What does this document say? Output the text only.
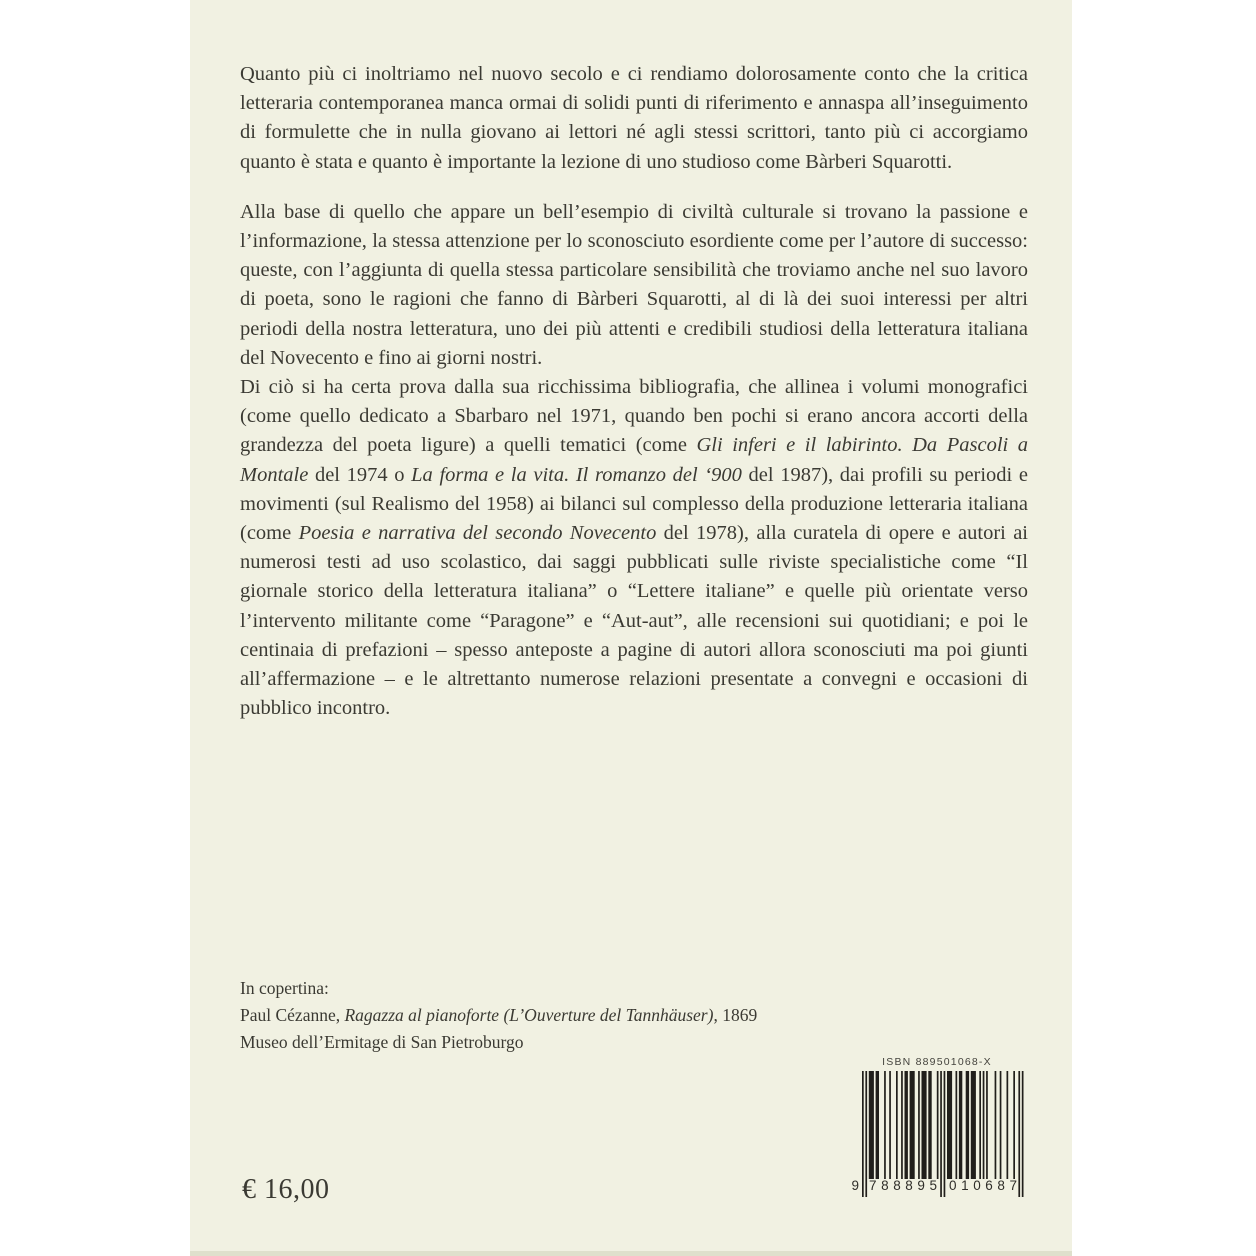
Quanto più ci inoltriamo nel nuovo secolo e ci rendiamo dolorosamente conto che la critica letteraria contemporanea manca ormai di solidi punti di riferimento e annaspa all’inseguimento di formulette che in nulla giovano ai lettori né agli stessi scrittori, tanto più ci accorgiamo quanto è stata e quanto è importante la lezione di uno studioso come Bàrberi Squarotti.

Alla base di quello che appare un bell’esempio di civiltà culturale si trovano la passione e l’informazione, la stessa attenzione per lo sconosciuto esordiente come per l’autore di successo: queste, con l’aggiunta di quella stessa particolare sensibilità che troviamo anche nel suo lavoro di poeta, sono le ragioni che fanno di Bàrberi Squarotti, al di là dei suoi interessi per altri periodi della nostra letteratura, uno dei più attenti e credibili studiosi della letteratura italiana del Novecento e fino ai giorni nostri.

Di ciò si ha certa prova dalla sua ricchissima bibliografia, che allinea i volumi monografici (come quello dedicato a Sbarbaro nel 1971, quando ben pochi si erano ancora accorti della grandezza del poeta ligure) a quelli tematici (come Gli inferi e il labirinto. Da Pascoli a Montale del 1974 o La forma e la vita. Il romanzo del ‘900 del 1987), dai profili su periodi e movimenti (sul Realismo del 1958) ai bilanci sul complesso della produzione letteraria italiana (come Poesia e narrativa del secondo Novecento del 1978), alla curatela di opere e autori ai numerosi testi ad uso scolastico, dai saggi pubblicati sulle riviste specialistiche come “Il giornale storico della letteratura italiana” o “Lettere italiane” e quelle più orientate verso l’intervento militante come “Paragone” e “Aut-aut”, alle recensioni sui quotidiani; e poi le centinaia di prefazioni – spesso anteposte a pagine di autori allora sconosciuti ma poi giunti all’affermazione – e le altrettanto numerose relazioni presentate a convegni e occasioni di pubblico incontro.

In copertina:
Paul Cézanne, Ragazza al pianoforte (L’Ouverture del Tannhäuser), 1869
Museo dell’Ermitage di San Pietroburgo
€ 16,00
ISBN 889501068-X
9 7 8 8 8 9 5 0 1 0 6 8 7
